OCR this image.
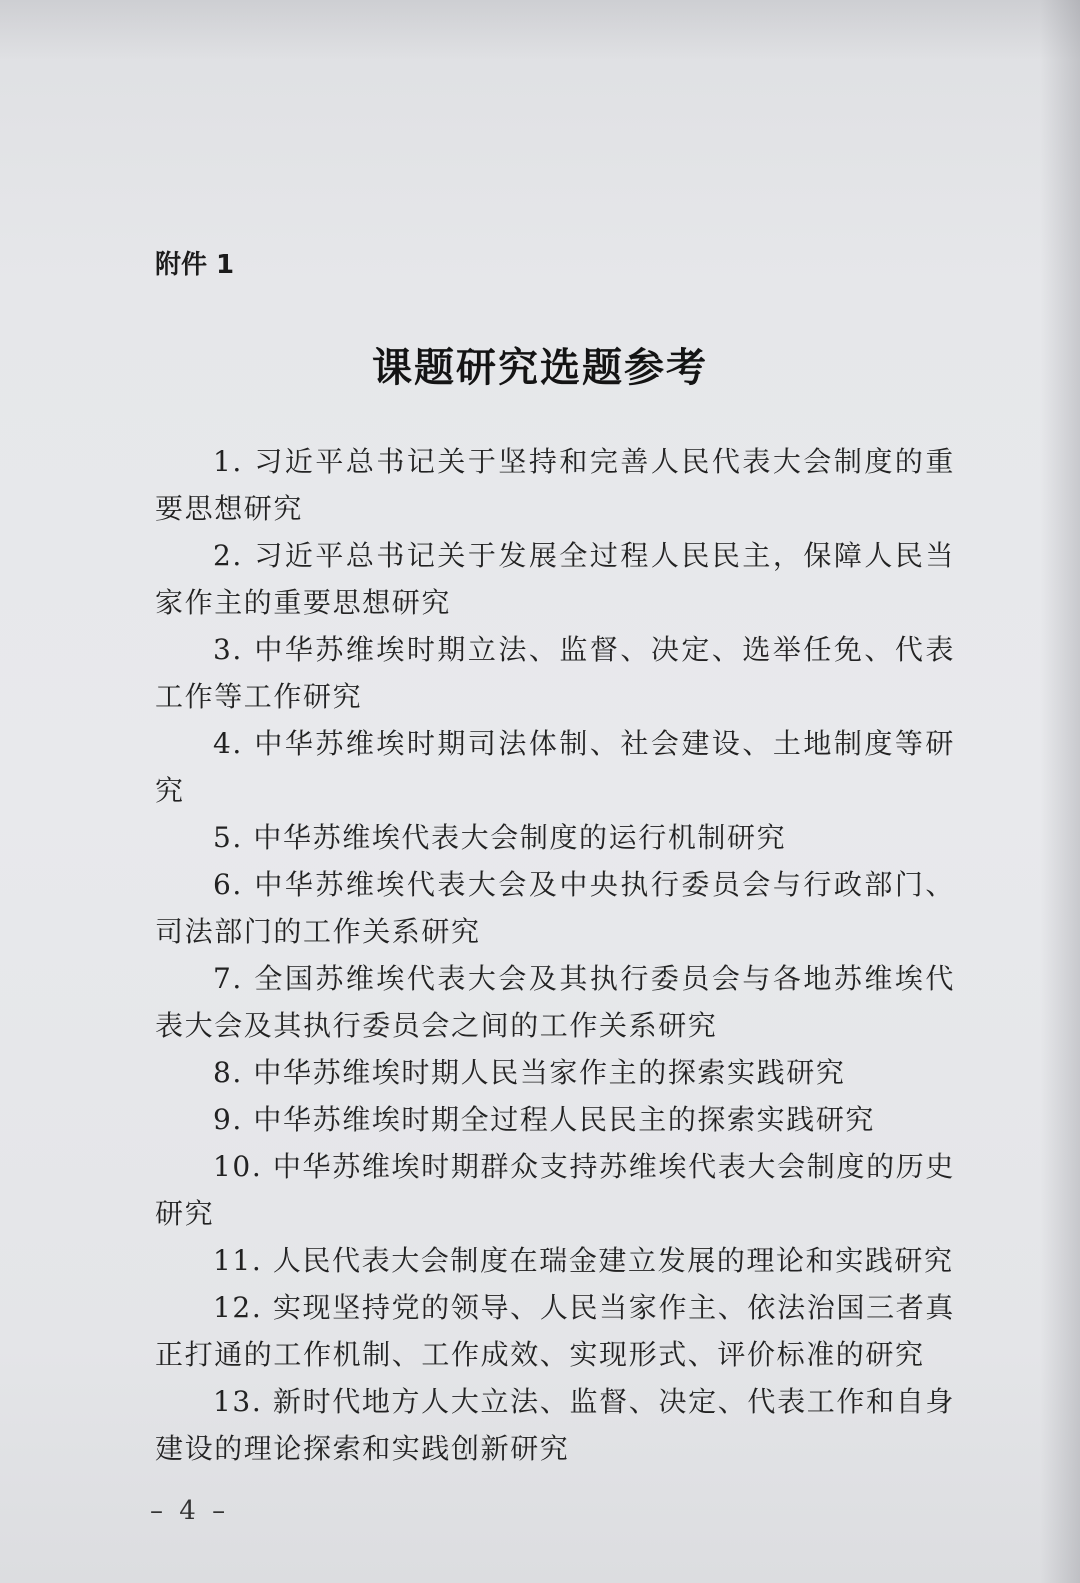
附件 1
课题研究选题参考
1. 习近平总书记关于坚持和完善人民代表大会制度的重要思想研究
2. 习近平总书记关于发展全过程人民民主，保障人民当家作主的重要思想研究
3. 中华苏维埃时期立法、监督、决定、选举任免、代表工作等工作研究
4. 中华苏维埃时期司法体制、社会建设、土地制度等研究
5. 中华苏维埃代表大会制度的运行机制研究
6. 中华苏维埃代表大会及中央执行委员会与行政部门、司法部门的工作关系研究
7. 全国苏维埃代表大会及其执行委员会与各地苏维埃代表大会及其执行委员会之间的工作关系研究
8. 中华苏维埃时期人民当家作主的探索实践研究
9. 中华苏维埃时期全过程人民民主的探索实践研究
10. 中华苏维埃时期群众支持苏维埃代表大会制度的历史研究
11. 人民代表大会制度在瑞金建立发展的理论和实践研究
12. 实现坚持党的领导、人民当家作主、依法治国三者真正打通的工作机制、工作成效、实现形式、评价标准的研究
13. 新时代地方人大立法、监督、决定、代表工作和自身建设的理论探索和实践创新研究
– 4 –
